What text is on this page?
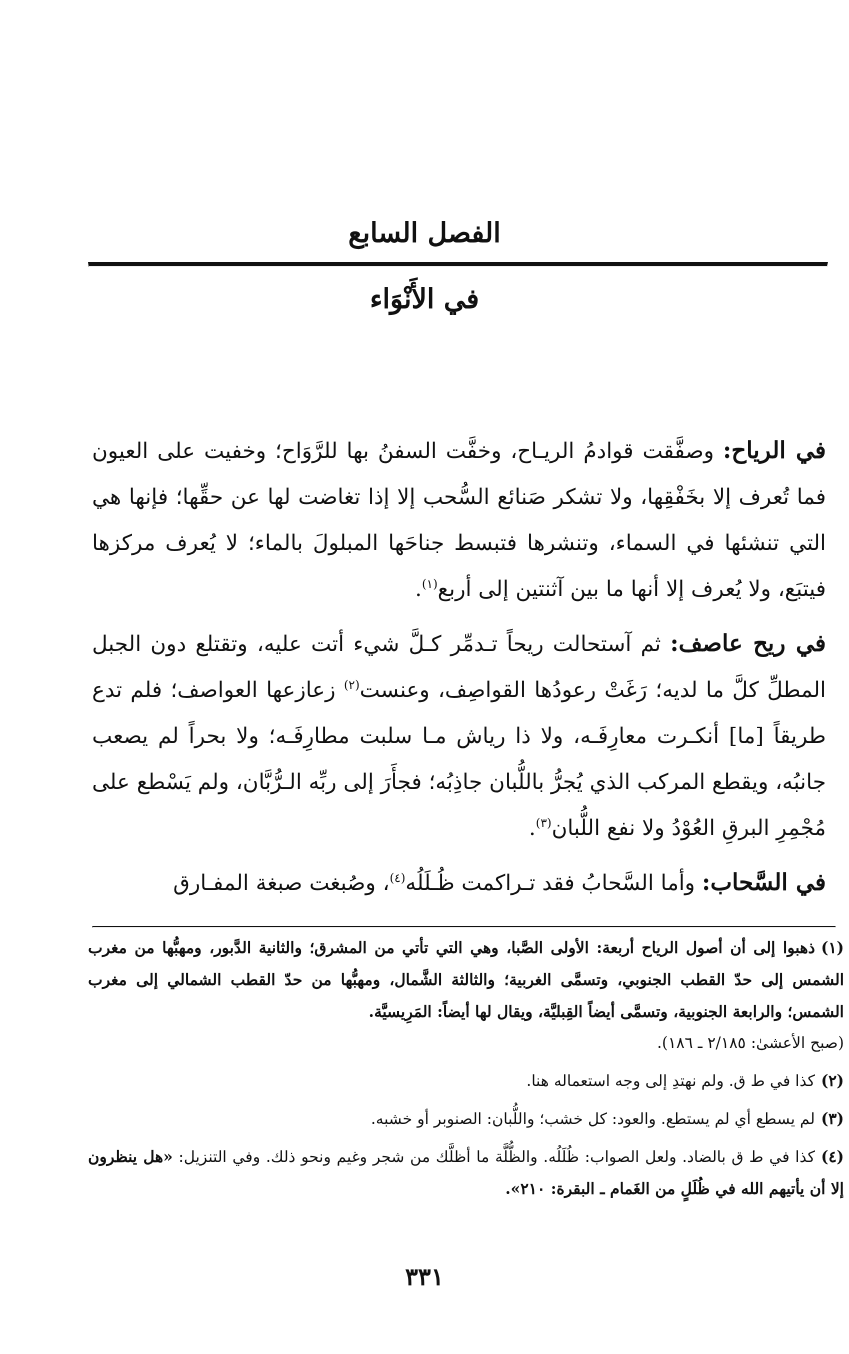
الفصل السابع
في الأَنْوَاء

في الرياح: وصفَّقت قوادمُ الريـاح، وخفَّت السفنُ بها للرَّوَاح؛ وخفيت على العيون فما تُعرف إلا بخَفْقِها، ولا تشكر صَنائع السُّحب إلا إذا تغاضت لها عن حقِّها؛ فإنها هي التي تنشئها في السماء، وتنشرها فتبسط جناحَها المبلولَ بالماء؛ لا يُعرف مركزها فيتبَع، ولا يُعرف إلا أنها ما بين آثنتين إلى أربع$^{(١)}$.

في ريح عاصف: ثم آستحالت ريحاً تـدمِّر كـلَّ شيء أتت عليه، وتقتلع دون الجبل المطلِّ كلَّ ما لديه؛ رَغَتْ رعودُها القواصِف، وعنست$^{(٢)}$ زعازعها العواصف؛ فلم تدع طريقاً [ما] أنكـرت معارِفَـه، ولا ذا رياش مـا سلبت مطارِفَـه؛ ولا بحراً لم يصعب جانبُه، ويقطع المركب الذي يُجرُّ باللُّبان جاذِبُه؛ فجأَرَ إلى ربِّه الـرُّبَّان، ولم يَسْطع على مُجْمِرِ البرقِ العُوْدُ ولا نفع اللُّبان$^{(٣)}$.

في السَّحاب: وأما السَّحابُ فقد تـراكمت ظُـلَلُه$^{(٤)}$، وصُبغت صبغة المفـارق

(١)ذهبوا إلى أن أصول الرياح أربعة: الأولى الصَّبا، وهي التي تأتي من المشرق؛ والثانية الدَّبور، ومهبُّها من مغرب الشمس إلى حدّ القطب الجنوبي، وتسمَّى الغربية؛ والثالثة الشَّمال، ومهبُّها من حدّ القطب الشمالي إلى مغرب الشمس؛ والرابعة الجنوبية، وتسمَّى أيضاً القِبليَّة، ويقال لها أيضاً: المَرِيسيَّة.
(صبح الأعشىٰ: ٢/١٨٥ ـ ١٨٦).
(٢)كذا في ط ق. ولم نهتدِ إلى وجه استعماله هنا.
(٣)لم يسطع أي لم يستطع. والعود: كل خشب؛ واللُّبان: الصنوبر أو خشبه.
(٤)كذا في ط ق بالضاد. ولعل الصواب: ظُلَلُه. والظُّلَّة ما أظلَّك من شجر وغيم ونحو ذلك. وفي التنزيل: «هل ينظرون إلا أن يأتيهم الله في ظُلَلٍ من الغَمام ـ البقرة: ٢١٠».
٣٣١
